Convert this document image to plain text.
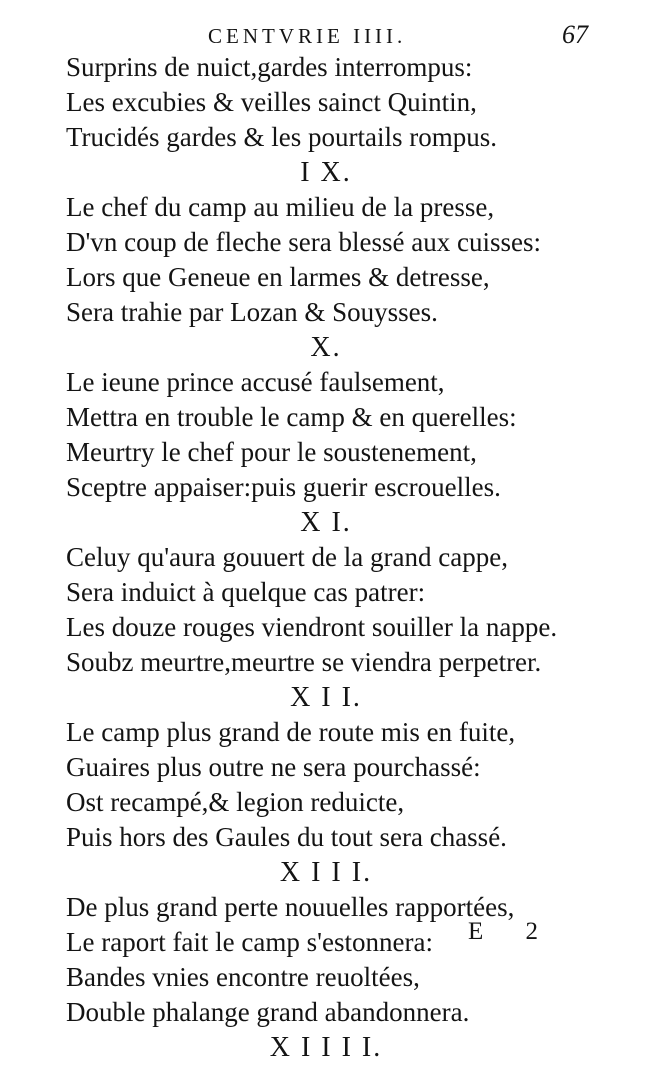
CENTVRIE IIII.	67
Surprins de nuict,gardes interrompus:
Les excubies & veilles sainct Quintin,
Trucidés gardes & les pourtails rompus.
I X.
Le chef du camp au milieu de la presse,
D'vn coup de fleche sera blessé aux cuisses:
Lors que Geneue en larmes & detresse,
Sera trahie par Lozan & Souysses.
X.
Le ieune prince accusé faulsement,
Mettra en trouble le camp & en querelles:
Meurtry le chef pour le soustenement,
Sceptre appaiser:puis guerir escrouelles.
X I.
Celuy qu'aura gouuert de la grand cappe,
Sera induict à quelque cas patrer:
Les douze rouges viendront souiller la nappe.
Soubz meurtre,meurtre se viendra perpetrer.
X I I.
Le camp plus grand de route mis en fuite,
Guaires plus outre ne sera pourchassé:
Ost recampé,& legion reduicte,
Puis hors des Gaules du tout sera chassé.
X I I I.
De plus grand perte nouuelles rapportées,
Le raport fait le camp s'estonnera:
Bandes vnies encontre reuoltées,
Double phalange grand abandonnera.
X I I I I.
E 2
